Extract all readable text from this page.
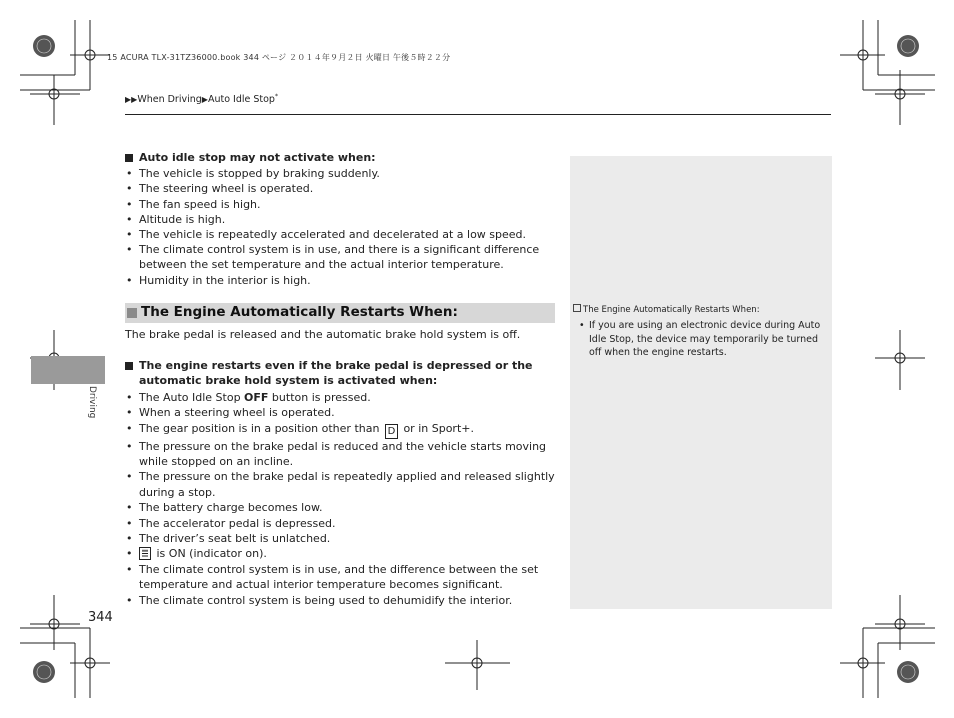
15 ACURA TLX-31TZ36000.book 344 ページ ２０１４年９月２日 火曜日 午後５時２２分
▶▶When Driving▶Auto Idle Stop*
Driving

Auto idle stop may not activate when:

• The vehicle is stopped by braking suddenly.
• The steering wheel is operated.
• The fan speed is high.
• Altitude is high.
• The vehicle is repeatedly accelerated and decelerated at a low speed.
• The climate control system is in use, and there is a significant difference between the set temperature and the actual interior temperature.
• Humidity in the interior is high.
The Engine Automatically Restarts When:
The brake pedal is released and the automatic brake hold system is off.

The engine restarts even if the brake pedal is depressed or the automatic brake hold system is activated when:

• The Auto Idle Stop OFF button is pressed.
• When a steering wheel is operated.
• The gear position is in a position other than D or in Sport+.
• The pressure on the brake pedal is reduced and the vehicle starts moving while stopped on an incline.
• The pressure on the brake pedal is repeatedly applied and released slightly during a stop.
• The battery charge becomes low.
• The accelerator pedal is depressed.
• The driver’s seat belt is unlatched.
• is ON (indicator on).
• The climate control system is in use, and the difference between the set temperature and actual interior temperature becomes significant.
• The climate control system is being used to dehumidify the interior.
The Engine Automatically Restarts When:
• If you are using an electronic device during Auto Idle Stop, the device may temporarily be turned off when the engine restarts.
344
